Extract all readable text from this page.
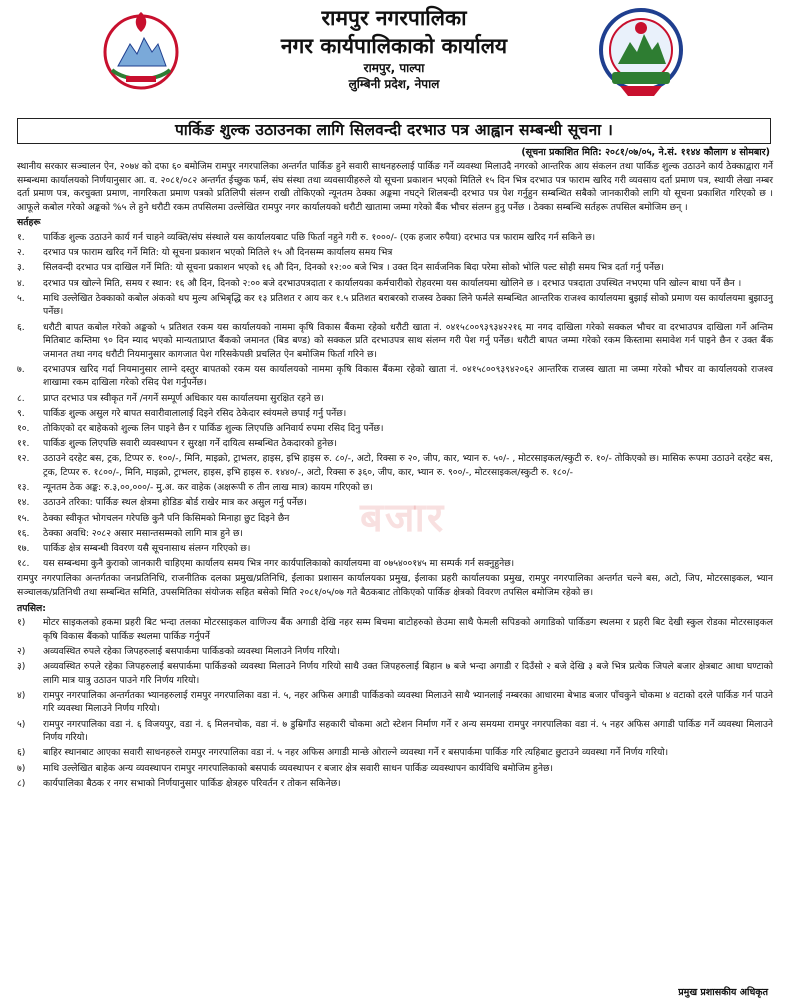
रामपुर नगरपालिका
नगर कार्यपालिकाको कार्यालय
रामपुर, पाल्पा
लुम्बिनी प्रदेश, नेपाल
पार्किङ शुल्क उठाउनका लागि सिलवन्दी दरभाउ पत्र आह्वान सम्बन्धी सूचना ।
(सूचना प्रकाशित मिति: २०८१/०७/०५, ने.सं. ११४४ कौलाग ४ सोमबार)
बजार

स्थानीय सरकार सञ्चालन ऐन, २०७४ को दफा ६० बमोजिम रामपुर नगरपालिका अन्तर्गत पार्किङ हुने सवारी साधनहरुलाई पार्किङ गर्ने व्यवस्था मिलाउदै नगरको आन्तरिक आय संकलन तथा पार्किङ शुल्क उठाउने कार्य ठेक्काद्वारा गर्ने सम्बन्धमा कार्यालयको निर्णयानुसार आ. व. २०८१/०८२ अन्तर्गत ईच्छुक फर्म, संघ संस्था तथा व्यवसायीहरुले यो सूचना प्रकाशन भएको मितिले १५ दिन भित्र दरभाउ पत्र फाराम खरिद गरी व्यवसाय दर्ता प्रमाण पत्र, स्थायी लेखा नम्बर दर्ता प्रमाण पत्र, करचुक्ता प्रमाण, नागरिकता प्रमाण पत्रको प्रतिलिपी संलग्न राखी तोकिएको न्यूनतम ठेक्का अङ्कमा नघट्ने शिलबन्दी दरभाउ पत्र पेश गर्नुहुन सम्बन्धित सबैको जानकारीको लागि यो सूचना प्रकाशित गरिएको छ । आफूले कबोल गरेको अङ्कको %५ ले हुने धरौटी रकम तपसिलमा उल्लेखित रामपुर नगर कार्यालयको धरौटी खातामा जम्मा गरेको बैंक भौचर संलग्न हुनु पर्नेछ । ठेक्का सम्बन्धि सर्तहरू तपसिल बमोजिम छन् ।

सर्तहरू
१.	पार्किङ शुल्क उठाउने कार्य गर्न चाहने व्यक्ति/संघ संस्थाले यस कार्यालयबाट पछि फिर्ता नहुने गरी रु. १०००/- (एक हजार रुपैया) दरभाउ पत्र फाराम खरिद गर्न सकिने छ।
२.	दरभाउ पत्र फाराम खरिद गर्ने मिति: यो सूचना प्रकाशन भएको मितिले १५ औ दिनसम्म कार्यालय समय भित्र
३.	सिलवन्दी दरभाउ पत्र दाखिल गर्ने मिति: यो सूचना प्रकाशन भएको १६ औ दिन, दिनको १२:०० बजे भित्र । उक्त दिन सार्वजनिक बिदा परेमा सोको भोलि पल्ट सोही समय भित्र दर्ता गर्नु पर्नेछ।
४.	दरभाउ पत्र खोल्ने मिति, समय र स्थान: १६ औ दिन, दिनको २:०० बजे दरभाउपत्रदाता र कार्यालयका कर्मचारीको रोहवरमा यस कार्यालयमा खोलिने छ । दरभाउ पत्रदाता उपस्थित नभएमा पनि खोल्न बाधा पर्ने छैन ।
५.	माथि उल्लेखित ठेक्काको कबोल अंकको थप मुल्य अभिबृद्धि कर १३ प्रतिशत र आय कर १.५ प्रतिशत बराबरको राजस्व ठेक्का लिने फर्मले सम्बन्धित आन्तरिक राजश्व कार्यालयमा बुझाई सोको प्रमाण यस कार्यालयमा बुझाउनु पर्नेछ।
६.	धरौटी बापत कबोल गरेको अङ्कको ५ प्रतिशत रकम यस कार्यालयको नाममा कृषि विकास बैंकमा रहेको धरौटी खाता नं. ०४१५८००९३९३४२२१६ मा नगद दाखिला गरेको सक्कल भौचर वा दरभाउपत्र दाखिला गर्ने अन्तिम मितिबाट कम्तिमा ९० दिन म्याद भएको मान्यताप्राप्त बैंकको जमानत (बिड बण्ड) को सक्कल प्रति दरभाउपत्र साथ संलग्न गरी पेश गर्नु पर्नेछ। धरौटी बापत जम्मा गरेको रकम किस्तामा समावेश गर्न पाइने छैन र उक्त बैंक जमानत तथा नगद धरौटी नियमानुसार कागजात पेश गरिसकेपछी प्रचलित ऐन बमोजिम फिर्ता गरिने छ।
७.	दरभाउपत्र खरिद गर्दा नियमानुसार लाग्ने दस्तुर बापतको रकम यस कार्यालयको नाममा कृषि विकास बैंकमा रहेको खाता नं. ०४१५८००९३९४२०६२ आन्तरिक राजस्व खाता मा जम्मा गरेको भौचर वा कार्यालयको राजश्व शाखामा रकम दाखिला गरेको रसिद पेश गर्नुपर्नेछ।
८.	प्राप्त दरभाउ पत्र स्वीकृत गर्ने /नगर्ने सम्पूर्ण अधिकार यस कार्यालयमा सुरक्षित रहने छ।
९.	पार्किङ शुल्क असुल गरे बापत सवारीवालालाई दिइने रसिद ठेकेदार स्वंयमले छपाई गर्नु पर्नेछ।
१०.	तोकिएको दर बाहेकको शुल्क लिन पाइने छैन र पार्किङ शुल्क लिएपछि अनिवार्य रुपमा रसिद दिनु पर्नेछ।
११.	पार्किङ शुल्क लिएपछि सवारी व्यवस्थापन र सुरक्षा गर्ने दायित्व सम्बन्धित ठेकदारको हुनेछ।
१२.	उठाउने दरहेट बस, ट्रक, टिप्पर रु. १००/-, मिनि, माइक्रो, ट्राभलर, हाइस, इभि हाइस रु. ८०/-, अटो, रिक्सा रु २०, जीप, कार, भ्यान रु. ५०/- , मोटरसाइकल/स्कुटी रु. १०/- तोकिएको छ। मासिक रूपमा उठाउने दरहेट बस, ट्रक, टिप्पर रु. १८००/-, मिनि, माइक्रो, ट्राभलर, हाइस, इभि हाइस रु. १४४०/-, अटो, रिक्सा रु ३६०, जीप, कार, भ्यान रु. ९००/-, मोटरसाइकल/स्कुटी रु. १८०/-
१३.	न्यूनतम ठेक अङ्क: रु.३,००,०००/- मु.अ. कर वाहेक (अक्षरूपी रु तीन लाख मात्र) कायम गरिएको छ।
१४.	उठाउने तरिका: पार्किङ स्थल क्षेत्रमा होडिङ बोर्ड राखेर मात्र कर असुल गर्नु पर्नेछ।
१५.	ठेक्का स्वीकृत भोगचलन गरेपछि कुनै पनि किसिमको मिनाहा छुट दिइने छैन
१६.	ठेक्का अवधि: २०८२ असार मसान्तसम्मको लागि मात्र हुने छ।
१७.	पार्किङ क्षेत्र सम्बन्धी विवरण यसै सूचनासाथ संलग्न गरिएको छ।
१८.	यस सम्बन्धमा कुनै कुराको जानकारी चाहिएमा कार्यालय समय भित्र नगर कार्यपालिकाको कार्यालयमा वा ०७५४००१४५ मा सम्पर्क गर्न सक्नुहुनेछ।

रामपुर नगरपालिका अन्तर्गतका जनप्रतिनिधि, राजनीतिक दलका प्रमुख/प्रतिनिधि, ईलाका प्रशासन कार्यालयका प्रमुख, ईलाका प्रहरी कार्यालयका प्रमुख, रामपुर नगरपालिका अन्तर्गत चल्ने बस, अटो, जिप, मोटरसाइकल, भ्यान सञ्चालक/प्रतिनिधी तथा सम्बन्धित समिति, उपसमितिका संयोजक सहित बसेको मिति २०८१/०५/०७ गते बैठकबाट तोकिएको पार्किङ क्षेत्रको विवरण तपसिल बमोजिम रहेको छ।

तपसिल:
१)	मोटर साइकलको हकमा प्रहरी बिट भन्दा तलका मोटरसाइकल वाणिज्य बैंक अगाडी देखि नहर सम्म बिचमा बाटोहरुको छेउमा साथै फेमली सपिङको अगाडिको पार्किङग स्थलमा र प्रहरी बिट देखी स्कुल रोडका मोटरसाइकल कृषि विकास बैंकको पार्किङ स्थलमा पार्किङ गर्नुपर्ने
२)	अव्यवस्थित रुपले रहेका जिपहरुलाई बसपार्कमा पार्किङको व्यवस्था मिलाउने निर्णय गरियो।
३)	अव्यवस्थित रुपले रहेका जिपहरुलाई बसपार्कमा पार्किङको व्यवस्था मिलाउने निर्णय गरियो साथै उक्त जिपहरुलाई बिहान ७ बजे भन्दा अगाडी र दिउँसो २ बजे देखि ३ बजे भित्र प्रत्येक जिपले बजार क्षेत्रबाट आधा घण्टाको लागि मात्र यात्रु उठाउन पाउने गरि निर्णय गरियो।
४)	रामपुर नगरपालिका अन्तर्गतका भ्यानहरुलाई रामपुर नगरपालिका वडा नं. ५, नहर अफिस अगाडी पार्किङको व्यवस्था मिलाउने साथै भ्यानलाई नम्बरका आधारमा बेभाड बजार पाँचकुने चोकमा ४ वटाको दरले पार्किङ गर्न पाउने गरि व्यवस्था मिलाउने निर्णय गरियो।
५)	रामपुर नगरपालिका वडा नं. ६ विजयपुर, वडा नं. ६ मिलनचोक, वडा नं. ७ डुम्रिगाँउ सहकारी चोकमा अटो स्टेशन निर्माण गर्ने र अन्य समयमा रामपुर नगरपालिका वडा नं. ५ नहर अफिस अगाडी पार्किङ गर्ने व्यवस्था मिलाउने निर्णय गरियो।
६)	बाहिर स्थानबाट आएका सवारी साधनहरुले रामपुर नगरपालिका वडा नं. ५ नहर अफिस अगाडी मान्छे ओराल्ने व्यवस्था गर्ने र बसपार्कमा पार्किङ गरि त्यहिबाट छुटाउने व्यवस्था गर्ने निर्णय गरियो।
७)	माथि उल्लेखित बाहेक अन्य व्यवस्थापन रामपुर नगरपालिकाको बसपार्क व्यवस्थापन र बजार क्षेत्र सवारी साधन पार्किङ व्यवस्थापन कार्यविधि बमोजिम हुनेछ।
८)	कार्यपालिका बैठक र नगर सभाको निर्णयानुसार पार्किङ क्षेत्रहरु परिवर्तन र तोकन सकिनेछ।
प्रमुख प्रशासकीय अधिकृत
